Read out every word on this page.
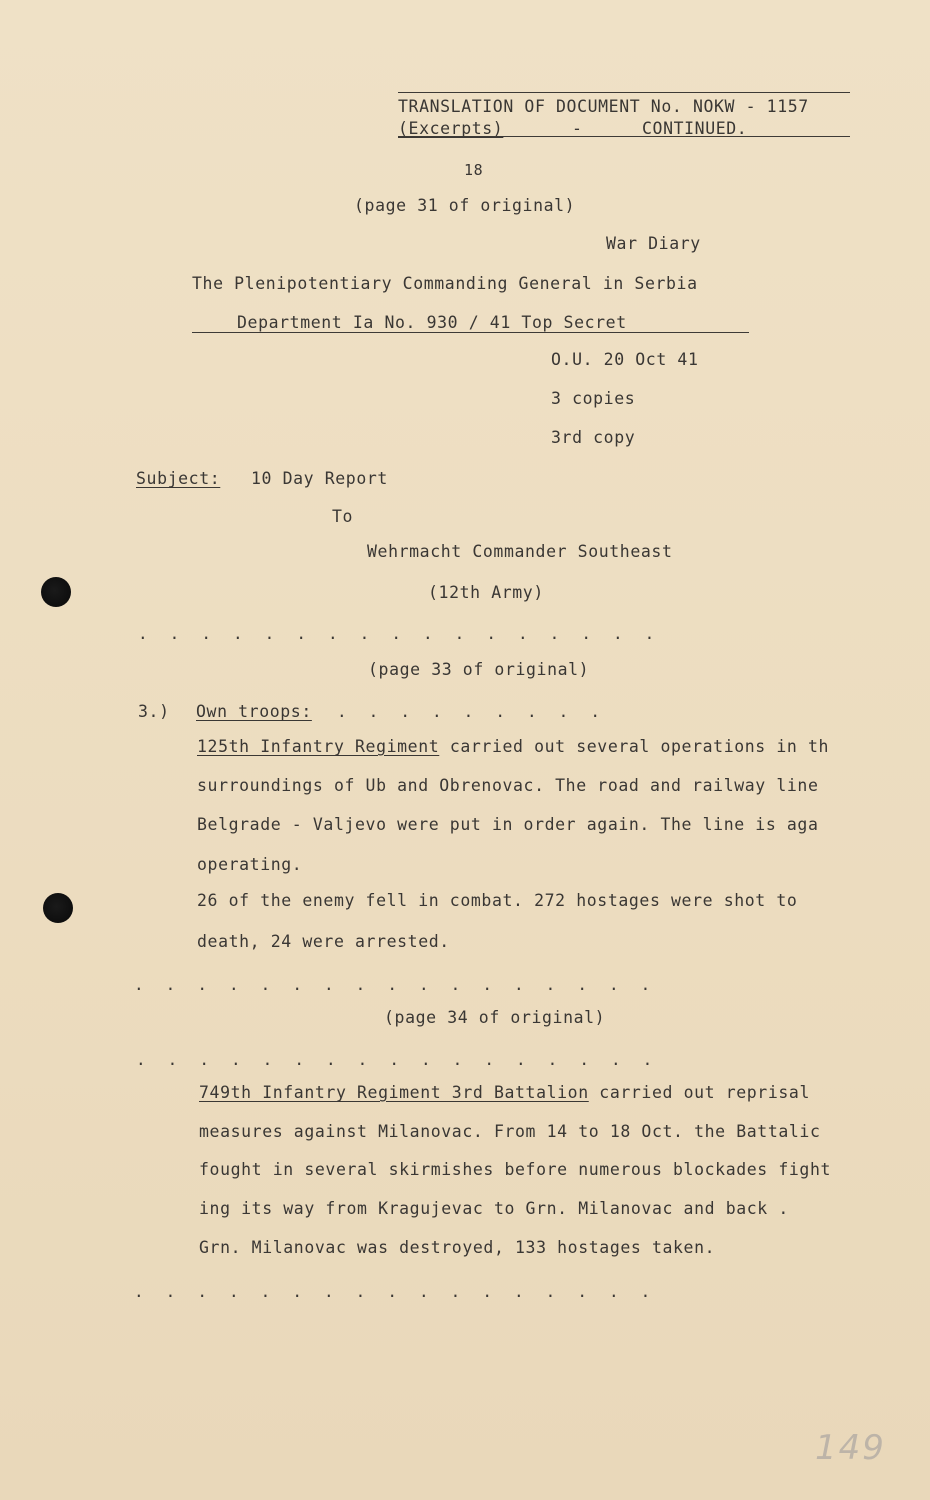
TRANSLATION OF DOCUMENT No. NOKW - 1157
(Excerpts)	-	CONTINUED.
18
(page 31 of original)
War Diary
The Plenipotentiary Commanding General in Serbia
Department Ia No. 930 / 41 Top Secret
O.U. 20 Oct 41
3 copies
3rd copy
Subject: 10 Day Report
To
Wehrmacht Commander Southeast
(12th Army)
. . . . . . . . . . . . . . . . .
(page 33 of original)
3.) Own troops: . . . . . . . . .
125th Infantry Regiment carried out several operations in th
surroundings of Ub and Obrenovac. The road and railway line
Belgrade - Valjevo were put in order again. The line is aga
operating.
26 of the enemy fell in combat. 272 hostages were shot to
death, 24 were arrested.
. . . . . . . . . . . . . . . . .
(page 34 of original)
. . . . . . . . . . . . . . . . .
749th Infantry Regiment 3rd Battalion carried out reprisal
measures against Milanovac. From 14 to 18 Oct. the Battalic
fought in several skirmishes before numerous blockades fight
ing its way from Kragujevac to Grn. Milanovac and back .
Grn. Milanovac was destroyed, 133 hostages taken.
. . . . . . . . . . . . . . . . .
149
